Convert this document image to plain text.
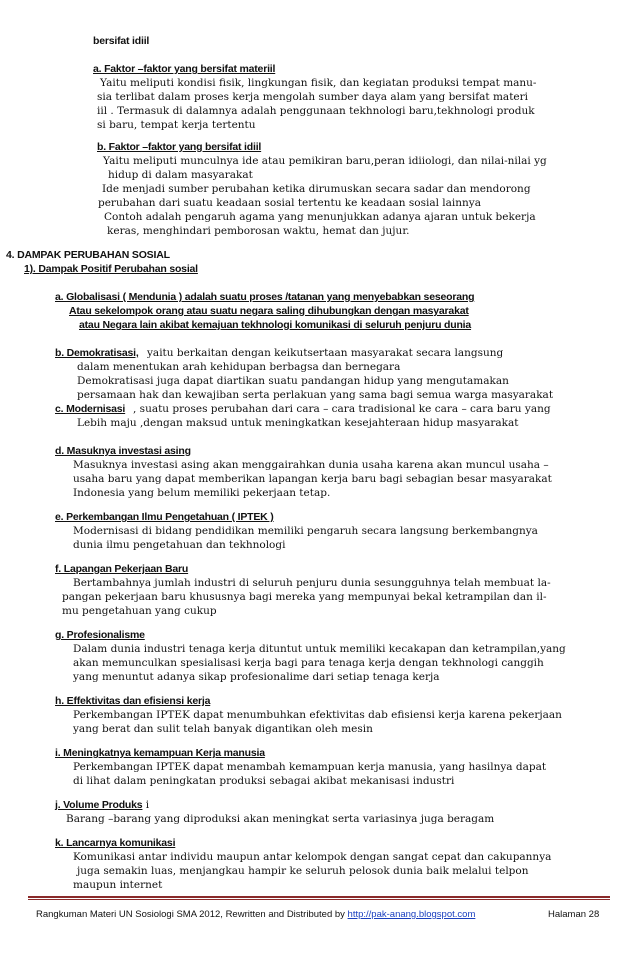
b. Demokratisasi,
c. Modernisasi
j. Volume Produks i
Rangkuman Materi UN Sosiologi SMA 2012, Rewritten and Distributed by http://pak-anang.blogspot.com	Halaman 28
bersifat idiil
a. Faktor –faktor yang bersifat materiil
Yaitu meliputi kondisi fisik, lingkungan fisik, dan kegiatan produksi tempat manu-
sia terlibat dalam proses kerja mengolah sumber daya alam yang bersifat materi
iil . Termasuk di dalamnya adalah penggunaan tekhnologi baru,tekhnologi produk
si baru, tempat kerja tertentu
b. Faktor –faktor yang bersifat idiil
Yaitu meliputi munculnya ide atau pemikiran baru,peran idiiologi, dan nilai-nilai yg
hidup di dalam masyarakat
Ide menjadi sumber perubahan ketika dirumuskan secara sadar dan mendorong
perubahan dari suatu keadaan sosial tertentu ke keadaan sosial lainnya
Contoh adalah pengaruh agama yang menunjukkan adanya ajaran untuk bekerja
keras, menghindari pemborosan waktu, hemat dan jujur.
4. DAMPAK PERUBAHAN SOSIAL
1). Dampak Positif Perubahan sosial
a. Globalisasi ( Mendunia ) adalah suatu proses /tatanan yang menyebabkan seseorang
Atau sekelompok orang atau suatu negara saling dihubungkan dengan masyarakat
atau Negara lain akibat kemajuan tekhnologi komunikasi di seluruh penjuru dunia
yaitu berkaitan dengan keikutsertaan masyarakat secara langsung
dalam menentukan arah kehidupan berbagsa dan bernegara
Demokratisasi juga dapat diartikan suatu pandangan hidup yang mengutamakan
persamaan hak dan kewajiban serta perlakuan yang sama bagi semua warga masyarakat
, suatu proses perubahan dari cara – cara tradisional ke cara – cara baru yang
Lebih maju ,dengan maksud untuk meningkatkan kesejahteraan hidup masyarakat
d. Masuknya investasi asing
Masuknya investasi asing akan menggairahkan dunia usaha karena akan muncul usaha –
usaha baru yang dapat memberikan lapangan kerja baru bagi sebagian besar masyarakat
Indonesia yang belum memiliki pekerjaan tetap.
e. Perkembangan Ilmu Pengetahuan ( IPTEK )
Modernisasi di bidang pendidikan memiliki pengaruh secara langsung berkembangnya
dunia ilmu pengetahuan dan tekhnologi
f. Lapangan Pekerjaan Baru
Bertambahnya jumlah industri di seluruh penjuru dunia sesungguhnya telah membuat la-
pangan pekerjaan baru khususnya bagi mereka yang mempunyai bekal ketrampilan dan il-
mu pengetahuan yang cukup
g. Profesionalisme
Dalam dunia industri tenaga kerja dituntut untuk memiliki kecakapan dan ketrampilan,yang
akan memunculkan spesialisasi kerja bagi para tenaga kerja dengan tekhnologi canggih
yang menuntut adanya sikap profesionalime dari setiap tenaga kerja
h. Effektivitas dan efisiensi kerja
Perkembangan IPTEK dapat menumbuhkan efektivitas dab efisiensi kerja karena pekerjaan
yang berat dan sulit telah banyak digantikan oleh mesin
i. Meningkatnya kemampuan Kerja manusia
Perkembangan IPTEK dapat menambah kemampuan kerja manusia, yang hasilnya dapat
di lihat dalam peningkatan produksi sebagai akibat mekanisasi industri
Barang –barang yang diproduksi akan meningkat serta variasinya juga beragam
k. Lancarnya komunikasi
Komunikasi antar individu maupun antar kelompok dengan sangat cepat dan cakupannya
juga semakin luas, menjangkau hampir ke seluruh pelosok dunia baik melalui telpon
maupun internet
